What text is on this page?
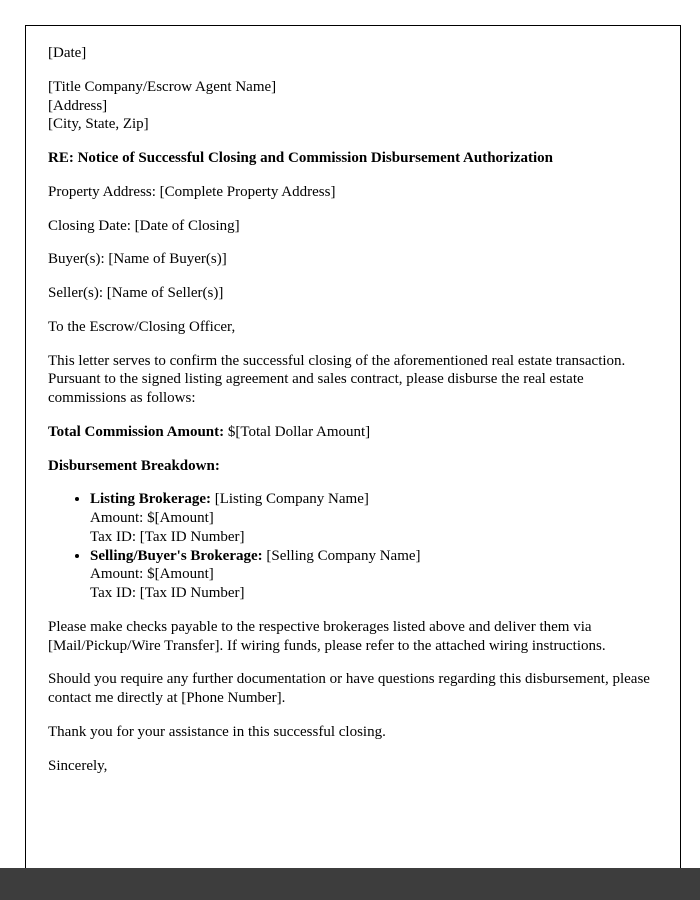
[Date]

[Title Company/Escrow Agent Name]
[Address]
[City, State, Zip]

RE: Notice of Successful Closing and Commission Disbursement Authorization

Property Address: [Complete Property Address]

Closing Date: [Date of Closing]

Buyer(s): [Name of Buyer(s)]

Seller(s): [Name of Seller(s)]

To the Escrow/Closing Officer,

This letter serves to confirm the successful closing of the aforementioned real estate transaction. Pursuant to the signed listing agreement and sales contract, please disburse the real estate commissions as follows:

Total Commission Amount: $[Total Dollar Amount]

Disbursement Breakdown:

• Listing Brokerage: [Listing Company Name]
Amount: $[Amount]
Tax ID: [Tax ID Number]
• Selling/Buyer's Brokerage: [Selling Company Name]
Amount: $[Amount]
Tax ID: [Tax ID Number]

Please make checks payable to the respective brokerages listed above and deliver them via [Mail/Pickup/Wire Transfer]. If wiring funds, please refer to the attached wiring instructions.

Should you require any further documentation or have questions regarding this disbursement, please contact me directly at [Phone Number].

Thank you for your assistance in this successful closing.

Sincerely,
